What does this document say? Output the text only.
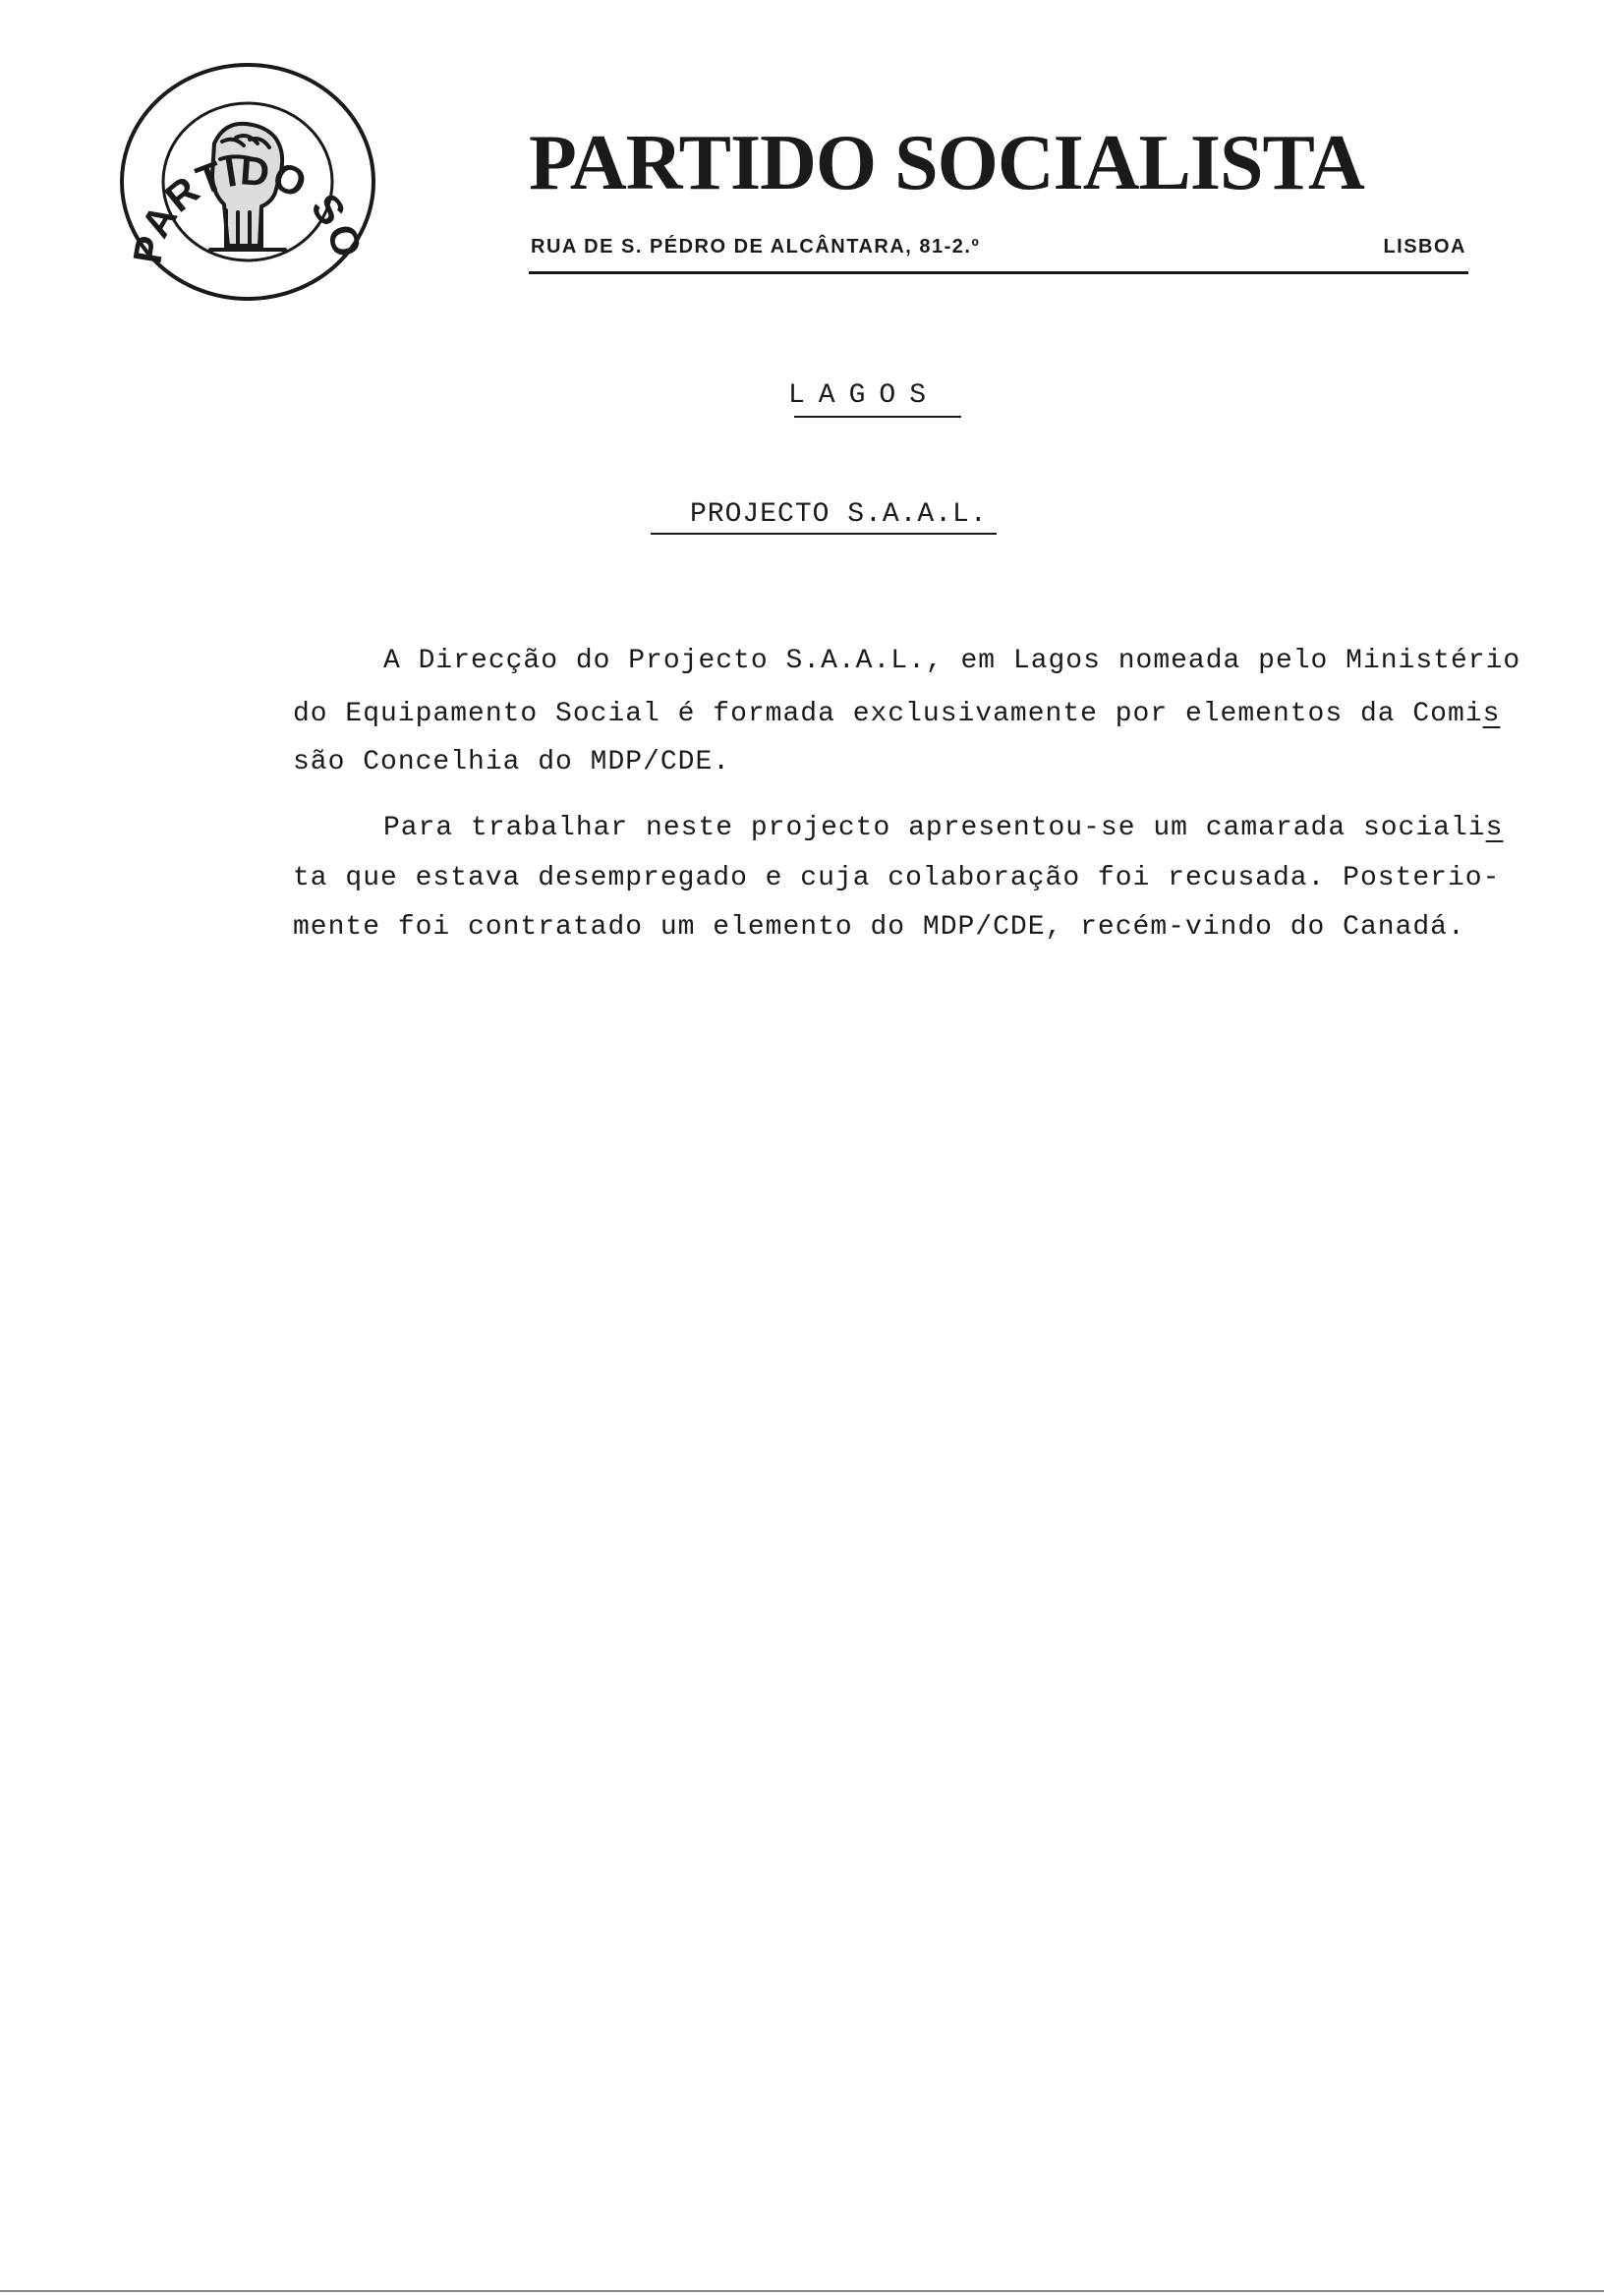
PARTIDO SO
PARTIDO SOCIALISTA
RUA DE S. PÉDRO DE ALCÂNTARA, 81-2.º	LISBOA
LAGOS
PROJECTO S.A.A.L.
A Direcção do Projecto S.A.A.L., em Lagos nomeada pelo Ministério
do Equipamento Social é formada exclusivamente por elementos da Comis
são Concelhia do MDP/CDE.
Para trabalhar neste projecto apresentou-se um camarada socialis
ta que estava desempregado e cuja colaboração foi recusada. Posterio-
mente foi contratado um elemento do MDP/CDE, recém-vindo do Canadá.
